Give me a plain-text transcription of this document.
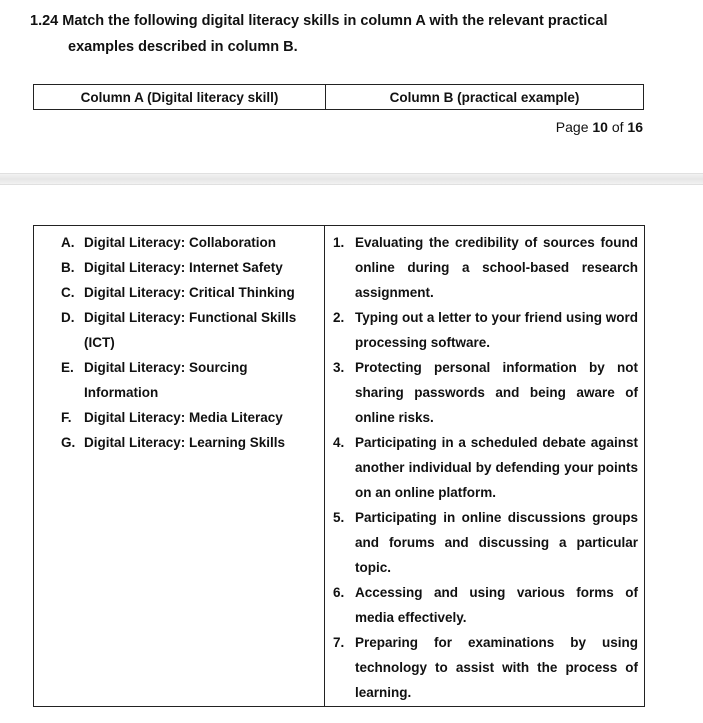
1.24 Match the following digital literacy skills in column A with the relevant practical
examples described in column B.
Column A (Digital literacy skill)	Column B (practical example)
Page 10 of 16
A. Digital Literacy: Collaboration
B. Digital Literacy: Internet Safety
C. Digital Literacy: Critical Thinking
D. Digital Literacy: Functional Skills (ICT)
E. Digital Literacy: Sourcing Information
F. Digital Literacy: Media Literacy
G. Digital Literacy: Learning Skills
1. Evaluating the credibility of sources found online during a school-based research assignment.
2. Typing out a letter to your friend using word processing software.
3. Protecting personal information by not sharing passwords and being aware of online risks.
4. Participating in a scheduled debate against another individual by defending your points on an online platform.
5. Participating in online discussions groups and forums and discussing a particular topic.
6. Accessing and using various forms of media effectively.
7. Preparing for examinations by using technology to assist with the process of learning.
